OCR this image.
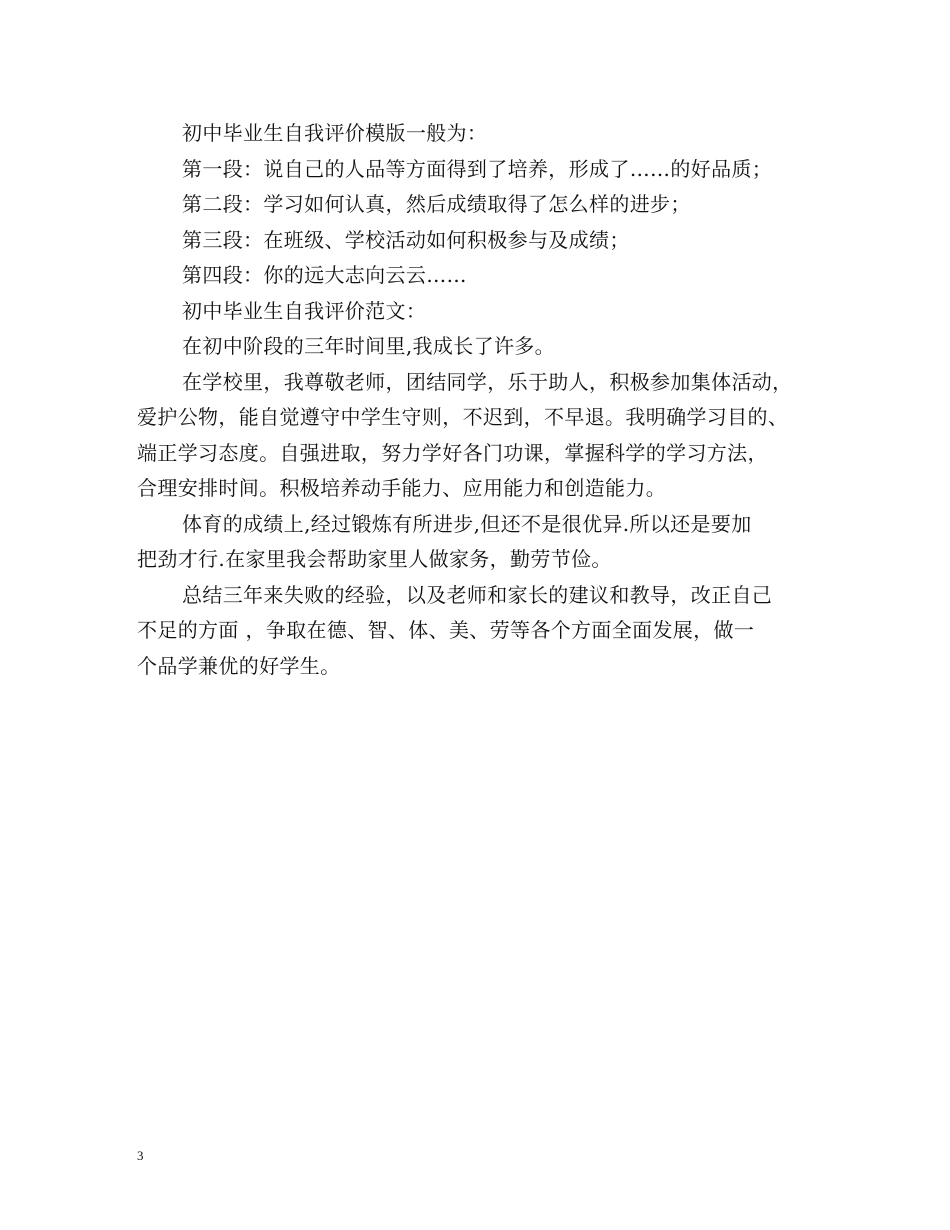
初中毕业生自我评价模版一般为：
第一段：说自己的人品等方面得到了培养，形成了……的好品质；
第二段：学习如何认真，然后成绩取得了怎么样的进步；
第三段：在班级、学校活动如何积极参与及成绩；
第四段：你的远大志向云云……
初中毕业生自我评价范文：
在初中阶段的三年时间里,我成长了许多。
在学校里，我尊敬老师，团结同学，乐于助人，积极参加集体活动，
爱护公物，能自觉遵守中学生守则，不迟到，不早退。我明确学习目的、
端正学习态度。自强进取，努力学好各门功课，掌握科学的学习方法，
合理安排时间。积极培养动手能力、应用能力和创造能力。
体育的成绩上,经过锻炼有所进步,但还不是很优异.所以还是要加
把劲才行.在家里我会帮助家里人做家务，勤劳节俭。
总结三年来失败的经验，以及老师和家长的建议和教导，改正自己
不足的方面 ，争取在德、智、体、美、劳等各个方面全面发展，做一
个品学兼优的好学生。
3
